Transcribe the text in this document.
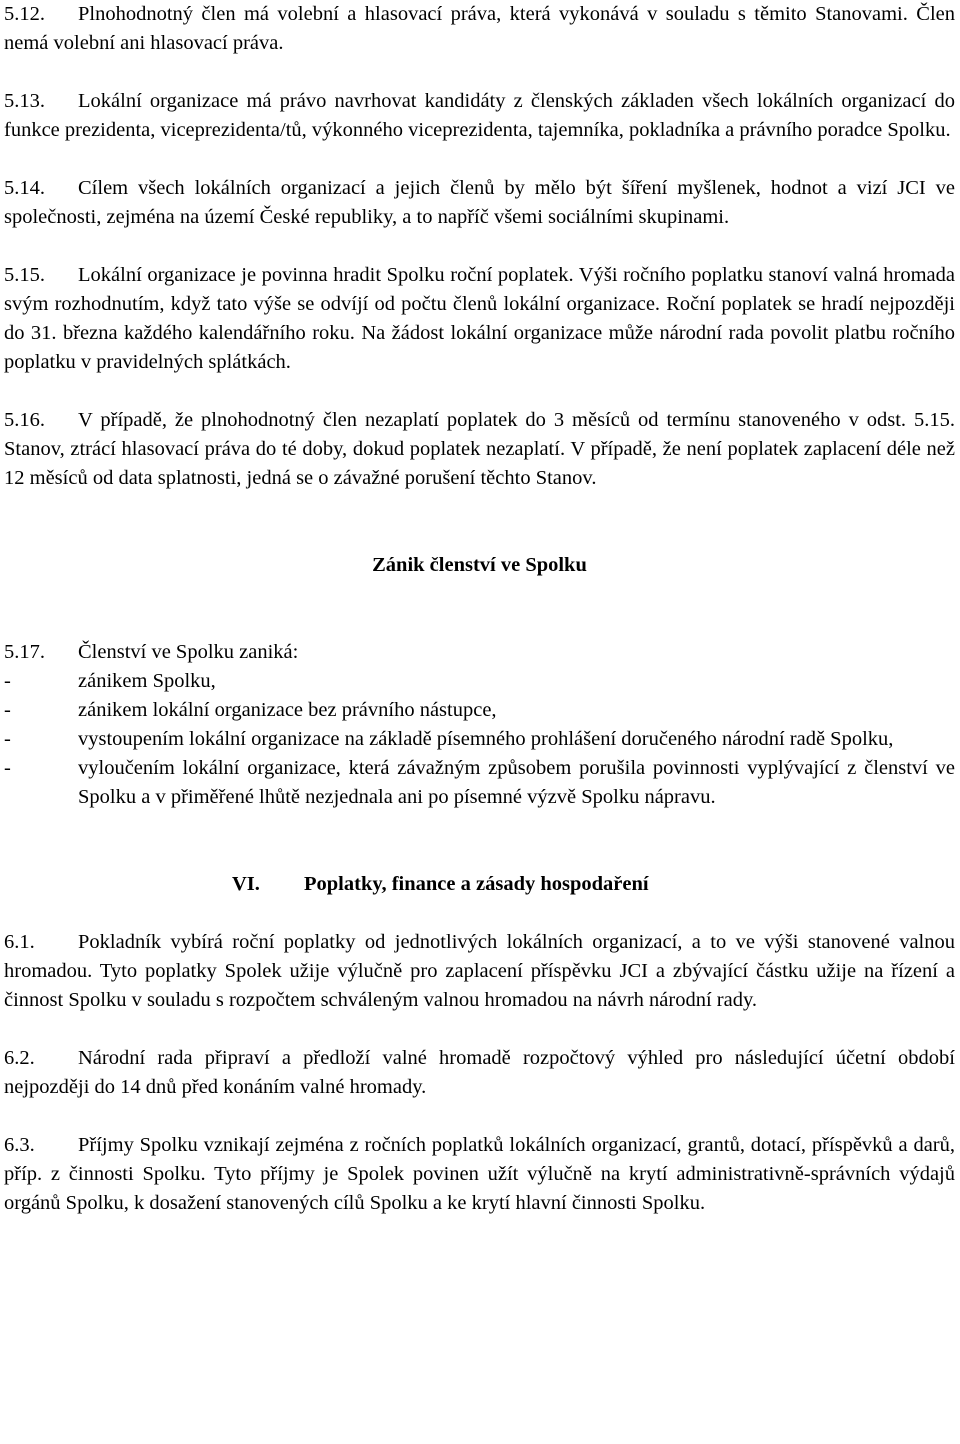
5.12. Plnohodnotný člen má volební a hlasovací práva, která vykonává v souladu s těmito Stanovami. Člen nemá volební ani hlasovací práva.

5.13. Lokální organizace má právo navrhovat kandidáty z členských základen všech lokálních organizací do funkce prezidenta, viceprezidenta/tů, výkonného viceprezidenta, tajemníka, pokladníka a právního poradce Spolku.

5.14. Cílem všech lokálních organizací a jejich členů by mělo být šíření myšlenek, hodnot a vizí JCI ve společnosti, zejména na území České republiky, a to napříč všemi sociálními skupinami.

5.15. Lokální organizace je povinna hradit Spolku roční poplatek. Výši ročního poplatku stanoví valná hromada svým rozhodnutím, když tato výše se odvíjí od počtu členů lokální organizace. Roční poplatek se hradí nejpozději do 31. března každého kalendářního roku. Na žádost lokální organizace může národní rada povolit platbu ročního poplatku v pravidelných splátkách.

5.16. V případě, že plnohodnotný člen nezaplatí poplatek do 3 měsíců od termínu stanoveného v odst. 5.15. Stanov, ztrácí hlasovací práva do té doby, dokud poplatek nezaplatí. V případě, že není poplatek zaplacení déle než 12 měsíců od data splatnosti, jedná se o závažné porušení těchto Stanov.

Zánik členství ve Spolku

5.17. Členství ve Spolku zaniká:

-	zánikem Spolku,
-	zánikem lokální organizace bez právního nástupce,
-	vystoupením lokální organizace na základě písemného prohlášení doručeného národní radě Spolku,
-	vyloučením lokální organizace, která závažným způsobem porušila povinnosti vyplývající z členství ve Spolku a v přiměřené lhůtě nezjednala ani po písemné výzvě Spolku nápravu.

VI. Poplatky, finance a zásady hospodaření

6.1. Pokladník vybírá roční poplatky od jednotlivých lokálních organizací, a to ve výši stanovené valnou hromadou. Tyto poplatky Spolek užije výlučně pro zaplacení příspěvku JCI a zbývající částku užije na řízení a činnost Spolku v souladu s rozpočtem schváleným valnou hromadou na návrh národní rady.

6.2. Národní rada připraví a předloží valné hromadě rozpočtový výhled pro následující účetní období nejpozději do 14 dnů před konáním valné hromady.

6.3. Příjmy Spolku vznikají zejména z ročních poplatků lokálních organizací, grantů, dotací, příspěvků a darů, příp. z činnosti Spolku. Tyto příjmy je Spolek povinen užít výlučně na krytí administrativně-správních výdajů orgánů Spolku, k dosažení stanovených cílů Spolku a ke krytí hlavní činnosti Spolku.
